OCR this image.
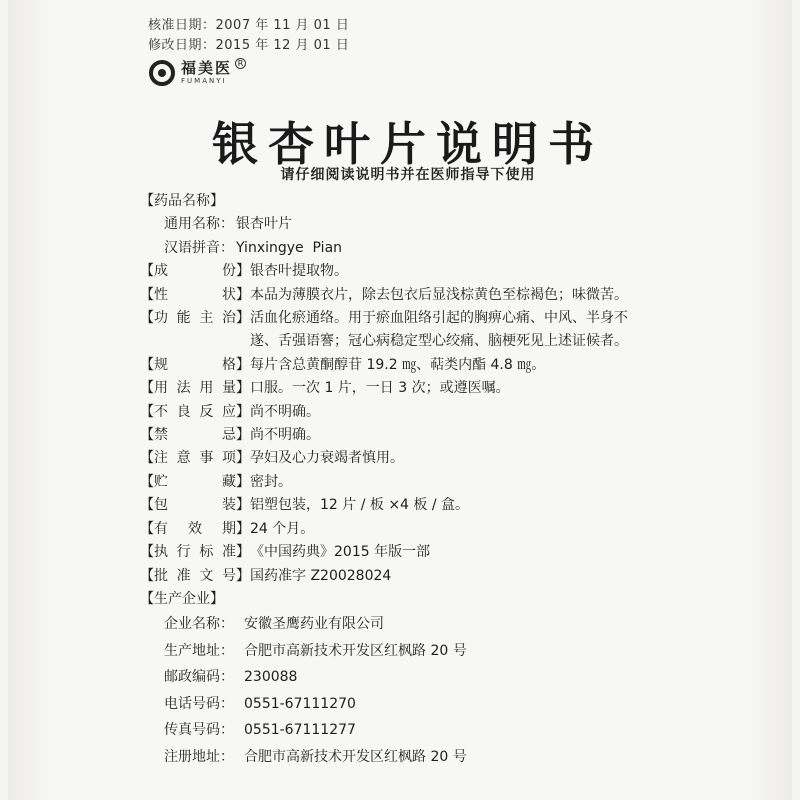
核准日期：2007 年 11 月 01 日
修改日期：2015 年 12 月 01 日
福美医
FUMANYI
R
银杏叶片说明书
请仔细阅读说明书并在医师指导下使用
【 药品名称 】
通用名称： 银杏叶片
汉语拼音： Yinxingye  Pian
【 成　　份 】 银杏叶提取物。
【 性　　状 】 本品为薄膜衣片，除去包衣后显浅棕黄色至棕褐色；味微苦。
【 功能主治 】 活血化瘀通络。用于瘀血阻络引起的胸痹心痛、中风、半身不
遂、舌强语謇；冠心病稳定型心绞痛、脑梗死见上述证候者。
【 规　　格 】 每片含总黄酮醇苷 19.2 ㎎、萜类内酯 4.8 ㎎。
【 用法用量 】 口服。一次 1 片，一日 3 次；或遵医嘱。
【 不良反应 】 尚不明确。
【 禁　　忌 】 尚不明确。
【 注意事项 】 孕妇及心力衰竭者慎用。
【 贮　　藏 】 密封。
【 包　　装 】 铝塑包装，12 片 / 板 ×4 板 / 盒。
【 有 效 期 】 24 个月。
【 执行标准 】 《中国药典》2015 年版一部
【 批准文号 】 国药准字 Z20028024
【 生产企业 】
企业名称： 安徽圣鹰药业有限公司
生产地址： 合肥市高新技术开发区红枫路 20 号
邮政编码： 230088
电话号码： 0551-67111270
传真号码： 0551-67111277
注册地址： 合肥市高新技术开发区红枫路 20 号
